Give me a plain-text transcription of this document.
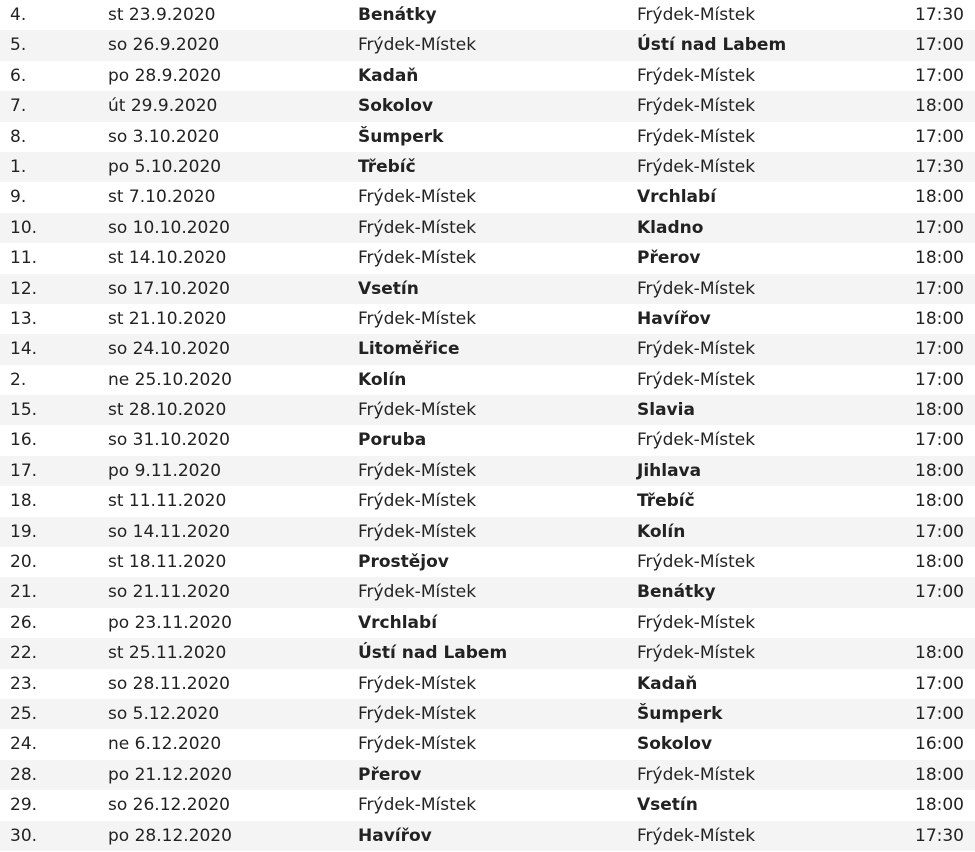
4.	st 23.9.2020	Benátky	Frýdek-Místek	17:30
5.	so 26.9.2020	Frýdek-Místek	Ústí nad Labem	17:00
6.	po 28.9.2020	Kadaň	Frýdek-Místek	17:00
7.	út 29.9.2020	Sokolov	Frýdek-Místek	18:00
8.	so 3.10.2020	Šumperk	Frýdek-Místek	17:00
1.	po 5.10.2020	Třebíč	Frýdek-Místek	17:30
9.	st 7.10.2020	Frýdek-Místek	Vrchlabí	18:00
10.	so 10.10.2020	Frýdek-Místek	Kladno	17:00
11.	st 14.10.2020	Frýdek-Místek	Přerov	18:00
12.	so 17.10.2020	Vsetín	Frýdek-Místek	17:00
13.	st 21.10.2020	Frýdek-Místek	Havířov	18:00
14.	so 24.10.2020	Litoměřice	Frýdek-Místek	17:00
2.	ne 25.10.2020	Kolín	Frýdek-Místek	17:00
15.	st 28.10.2020	Frýdek-Místek	Slavia	18:00
16.	so 31.10.2020	Poruba	Frýdek-Místek	17:00
17.	po 9.11.2020	Frýdek-Místek	Jihlava	18:00
18.	st 11.11.2020	Frýdek-Místek	Třebíč	18:00
19.	so 14.11.2020	Frýdek-Místek	Kolín	17:00
20.	st 18.11.2020	Prostějov	Frýdek-Místek	18:00
21.	so 21.11.2020	Frýdek-Místek	Benátky	17:00
26.	po 23.11.2020	Vrchlabí	Frýdek-Místek
22.	st 25.11.2020	Ústí nad Labem	Frýdek-Místek	18:00
23.	so 28.11.2020	Frýdek-Místek	Kadaň	17:00
25.	so 5.12.2020	Frýdek-Místek	Šumperk	17:00
24.	ne 6.12.2020	Frýdek-Místek	Sokolov	16:00
28.	po 21.12.2020	Přerov	Frýdek-Místek	18:00
29.	so 26.12.2020	Frýdek-Místek	Vsetín	18:00
30.	po 28.12.2020	Havířov	Frýdek-Místek	17:30
